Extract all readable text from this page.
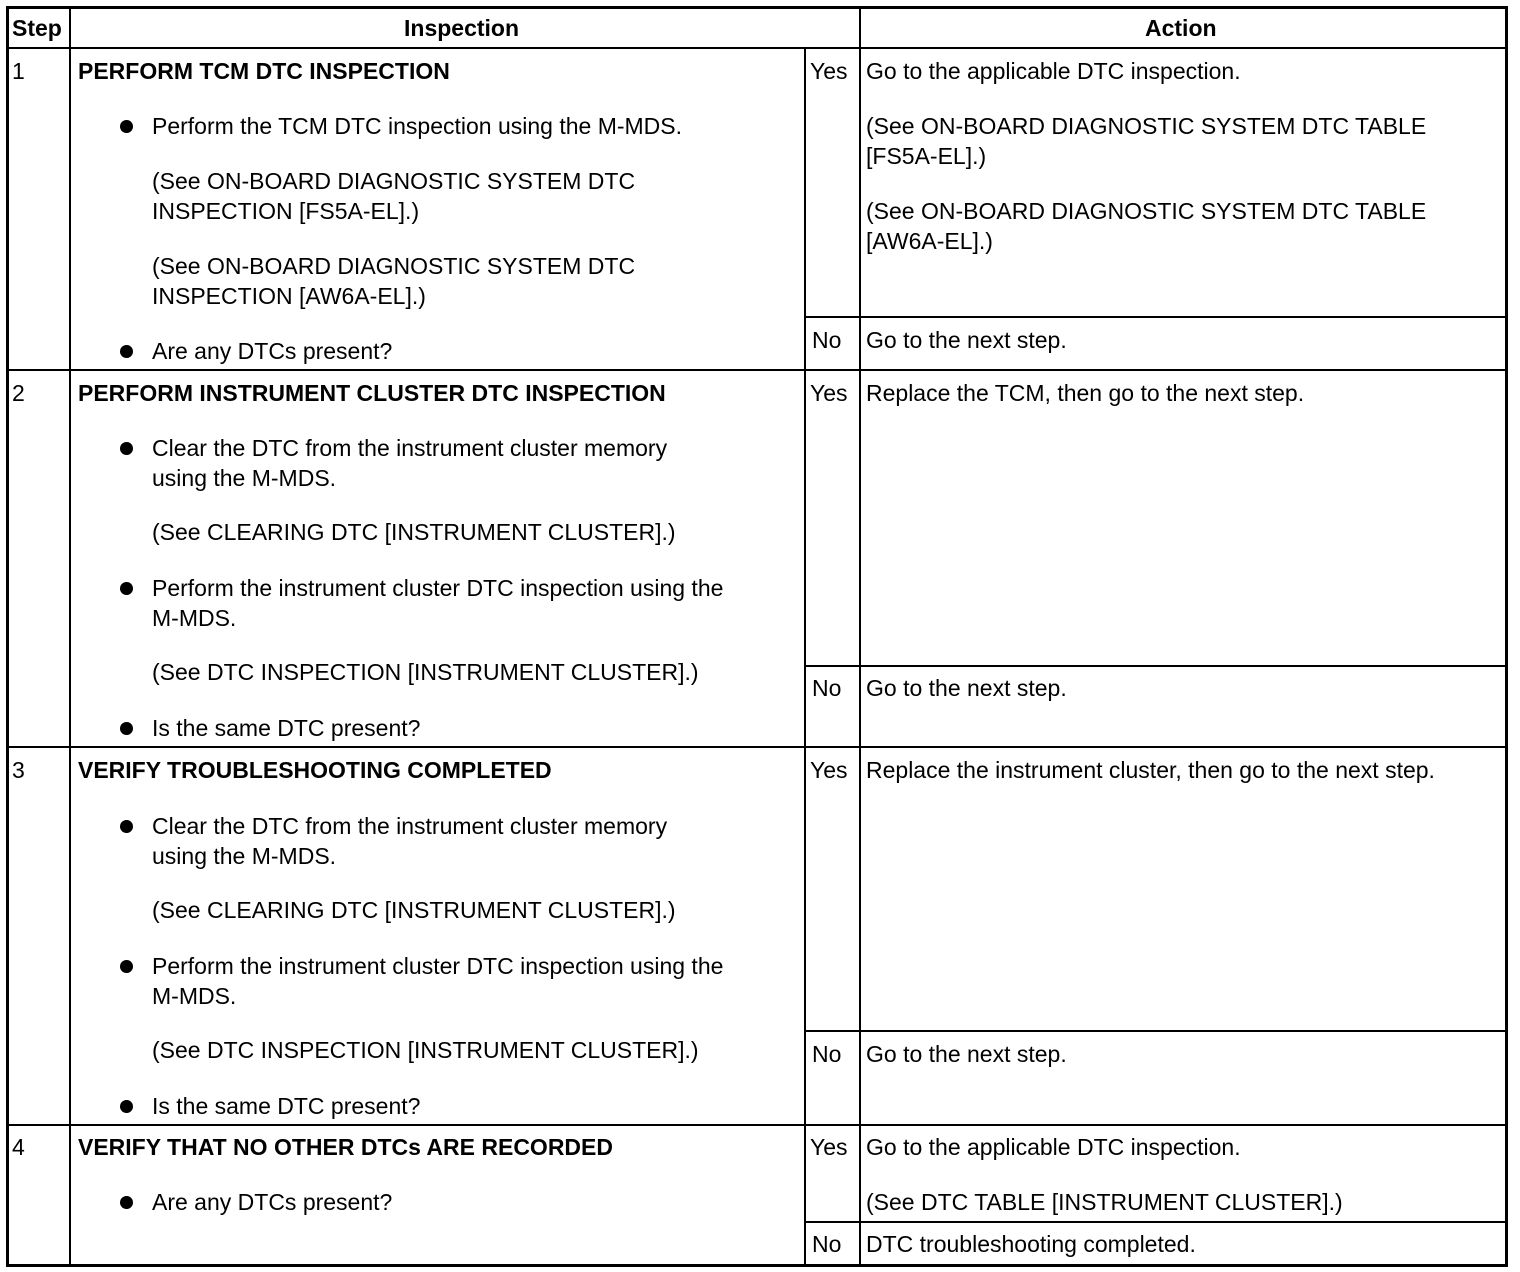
Step	Inspection	Action
1 PERFORM TCM DTC INSPECTION
Perform the TCM DTC inspection using the M-MDS.
(See ON-BOARD DIAGNOSTIC SYSTEM DTC
INSPECTION [FS5A-EL].)
(See ON-BOARD DIAGNOSTIC SYSTEM DTC
INSPECTION [AW6A-EL].)
Are any DTCs present?
Yes Go to the applicable DTC inspection.
(See ON-BOARD DIAGNOSTIC SYSTEM DTC TABLE
[FS5A-EL].)
(See ON-BOARD DIAGNOSTIC SYSTEM DTC TABLE
[AW6A-EL].)
No Go to the next step.
2 PERFORM INSTRUMENT CLUSTER DTC INSPECTION
Clear the DTC from the instrument cluster memory
using the M-MDS.
(See CLEARING DTC [INSTRUMENT CLUSTER].)
Perform the instrument cluster DTC inspection using the
M-MDS.
(See DTC INSPECTION [INSTRUMENT CLUSTER].)
Is the same DTC present?
Yes Replace the TCM, then go to the next step.
No Go to the next step.
3 VERIFY TROUBLESHOOTING COMPLETED
Clear the DTC from the instrument cluster memory
using the M-MDS.
(See CLEARING DTC [INSTRUMENT CLUSTER].)
Perform the instrument cluster DTC inspection using the
M-MDS.
(See DTC INSPECTION [INSTRUMENT CLUSTER].)
Is the same DTC present?
Yes Replace the instrument cluster, then go to the next step.
No Go to the next step.
4 VERIFY THAT NO OTHER DTCs ARE RECORDED
Are any DTCs present?
Yes Go to the applicable DTC inspection.
(See DTC TABLE [INSTRUMENT CLUSTER].)
No DTC troubleshooting completed.
